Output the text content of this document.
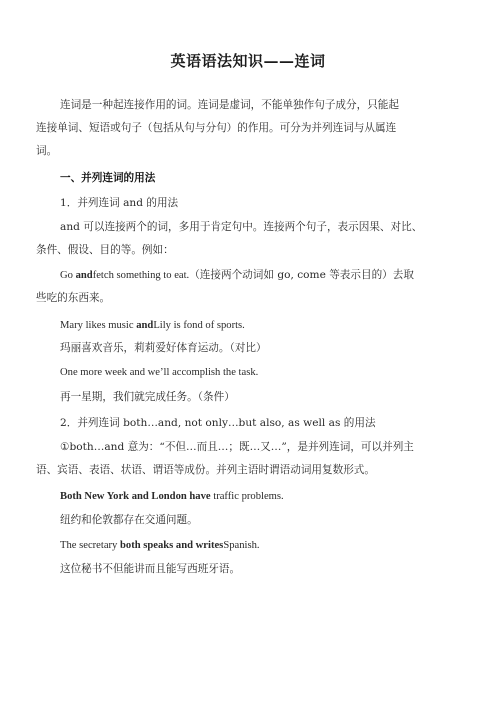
英语语法知识——连词
连词是一种起连接作用的词。连词是虚词，不能单独作句子成分，只能起
连接单词、短语或句子（包括从句与分句）的作用。可分为并列连词与从属连
词。
一、并列连词的用法
1．并列连词 and 的用法
and 可以连接两个的词，多用于肯定句中。连接两个句子，表示因果、对比、
条件、假设、目的等。例如：
Go andfetch something to eat.（连接两个动词如 go, come 等表示目的）去取
些吃的东西来。
Mary likes music andLily is fond of sports.
玛丽喜欢音乐，莉莉爱好体育运动。（对比）
One more week and we’ll accomplish the task.
再一星期，我们就完成任务。（条件）
2．并列连词 both…and, not only…but also, as well as 的用法
①both…and 意为：“不但…而且…；既…又…”，是并列连词，可以并列主
语、宾语、表语、状语、谓语等成份。并列主语时谓语动词用复数形式。
Both New York and London have traffic problems.
纽约和伦敦都存在交通问题。
The secretary both speaks and writesSpanish.
这位秘书不但能讲而且能写西班牙语。
